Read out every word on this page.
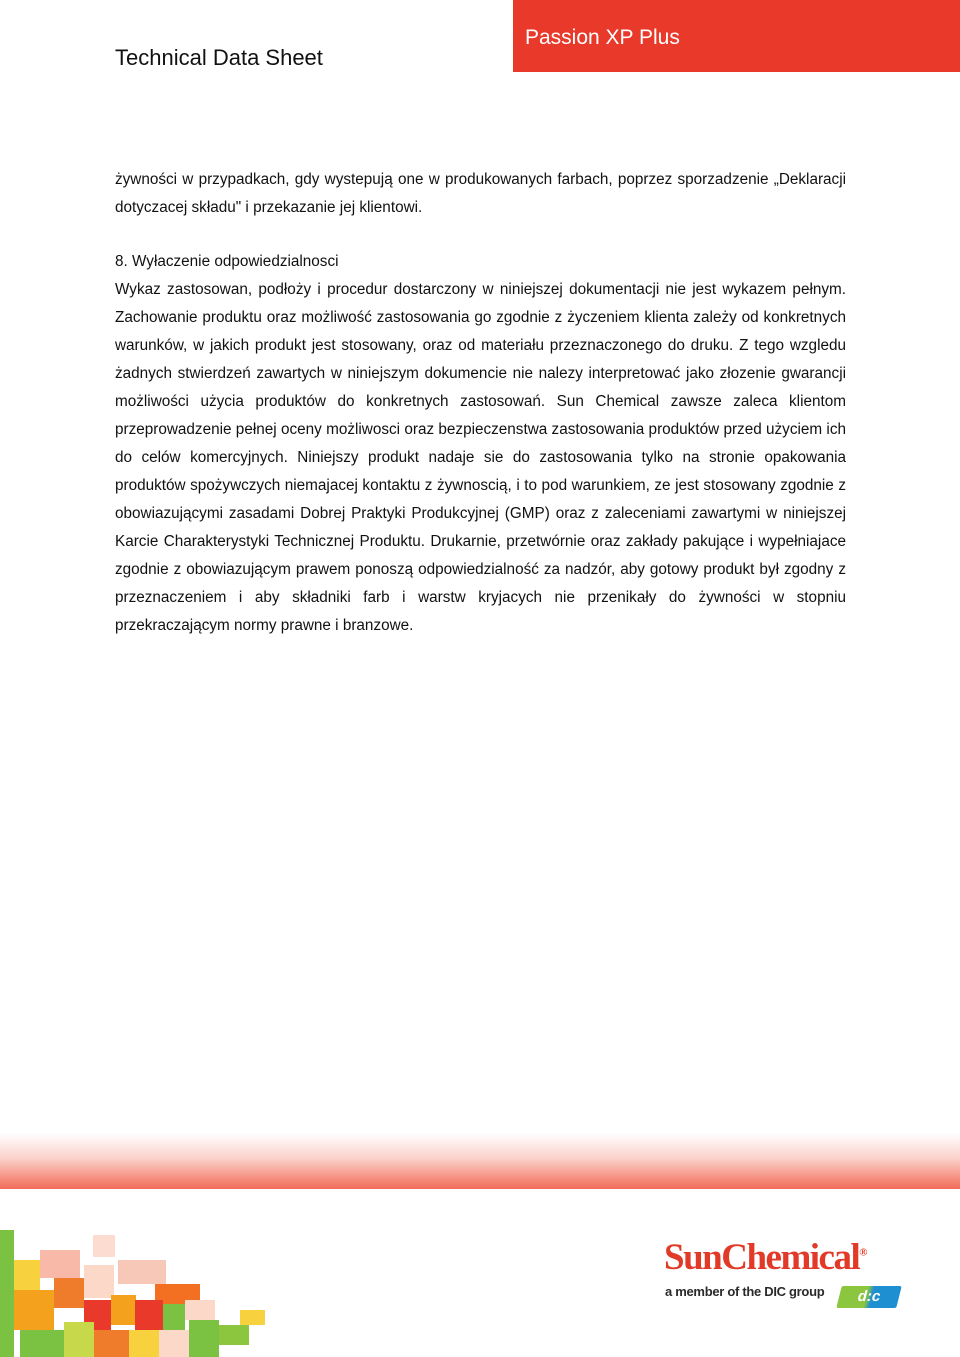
Technical Data Sheet
Passion XP Plus

żywności w przypadkach, gdy wystepują one w produkowanych farbach, poprzez sporzadzenie „Deklaracji dotyczacej składu" i przekazanie jej klientowi.

8. Wyłaczenie odpowiedzialnosci
Wykaz zastosowan, podłoży i procedur dostarczony w niniejszej dokumentacji nie jest wykazem pełnym. Zachowanie produktu oraz możliwość zastosowania go zgodnie z życzeniem klienta zależy od konkretnych warunków, w jakich produkt jest stosowany, oraz od materiału przeznaczonego do druku. Z tego wzgledu żadnych stwierdzeń zawartych w niniejszym dokumencie nie nalezy interpretować jako złozenie gwarancji możliwości użycia produktów do konkretnych zastosowań. Sun Chemical zawsze zaleca klientom przeprowadzenie pełnej oceny możliwosci oraz bezpieczenstwa zastosowania produktów przed użyciem ich do celów komercyjnych. Niniejszy produkt nadaje sie do zastosowania tylko na stronie opakowania produktów spożywczych niemajacej kontaktu z żywnoscią, i to pod warunkiem, ze jest stosowany zgodnie z obowiazującymi zasadami Dobrej Praktyki Produkcyjnej (GMP) oraz z zaleceniami zawartymi w niniejszej Karcie Charakterystyki Technicznej Produktu. Drukarnie, przetwórnie oraz zakłady pakujące i wypełniajace zgodnie z obowiazującym prawem ponoszą odpowiedzialność za nadzór, aby gotowy produkt był zgodny z przeznaczeniem i aby składniki farb i warstw kryjacych nie przenikały do żywności w stopniu przekraczającym normy prawne i branzowe.

SunChemical®
a member of the DIC group	d:c
